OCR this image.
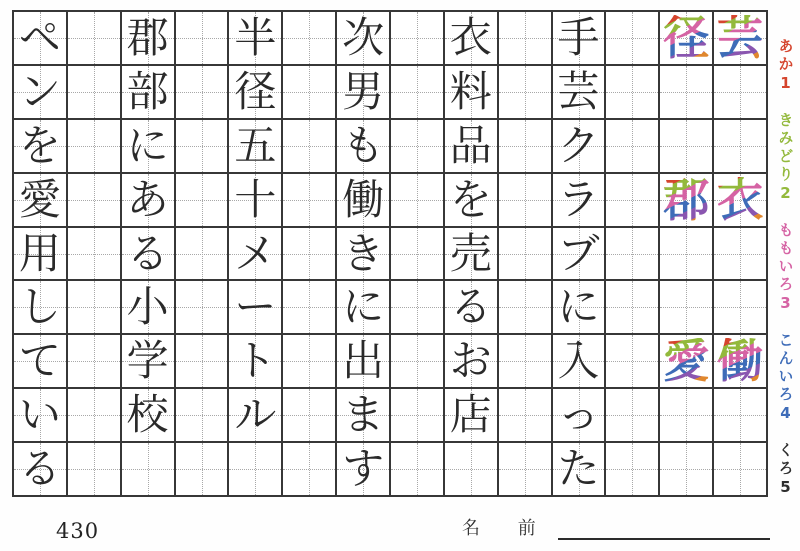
ペ
ン
を
愛
用
し
て
い
る
郡
部
に
あ
る
小
学
校
半
径
五
十
メ
ー
ト
ル
次
男
も
働
き
に
出
ま
す
衣
料
品
を
売
る
お
店
手
芸
ク
ラ
ブ
に
入
っ
た
径
郡
愛
芸
衣
働
あか1
きみどり2
ももいろ3
こんいろ4
くろ5
430	名 前
